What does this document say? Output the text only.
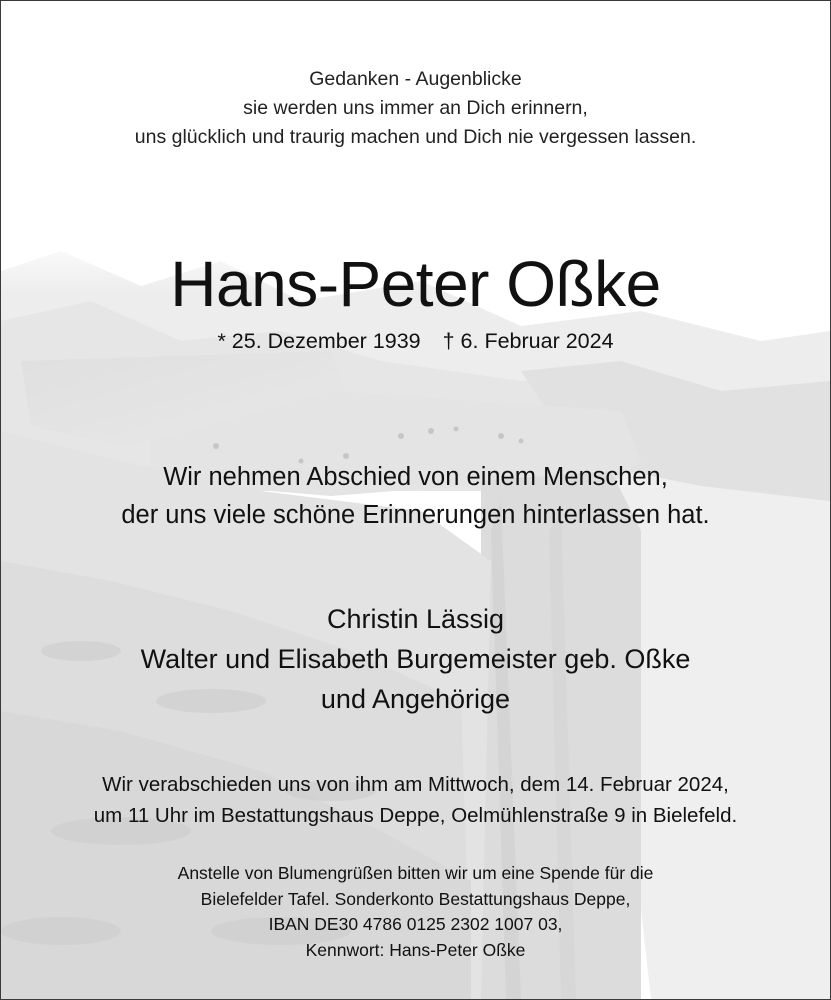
Gedanken - Augenblicke
sie werden uns immer an Dich erinnern,
uns glücklich und traurig machen und Dich nie vergessen lassen.
Hans-Peter Oßke
* 25. Dezember 1939 † 6. Februar 2024
Wir nehmen Abschied von einem Menschen,
der uns viele schöne Erinnerungen hinterlassen hat.
Christin Lässig
Walter und Elisabeth Burgemeister geb. Oßke
und Angehörige
Wir verabschieden uns von ihm am Mittwoch, dem 14. Februar 2024,
um 11 Uhr im Bestattungshaus Deppe, Oelmühlenstraße 9 in Bielefeld.
Anstelle von Blumengrüßen bitten wir um eine Spende für die
Bielefelder Tafel. Sonderkonto Bestattungshaus Deppe,
IBAN DE30 4786 0125 2302 1007 03,
Kennwort: Hans-Peter Oßke
